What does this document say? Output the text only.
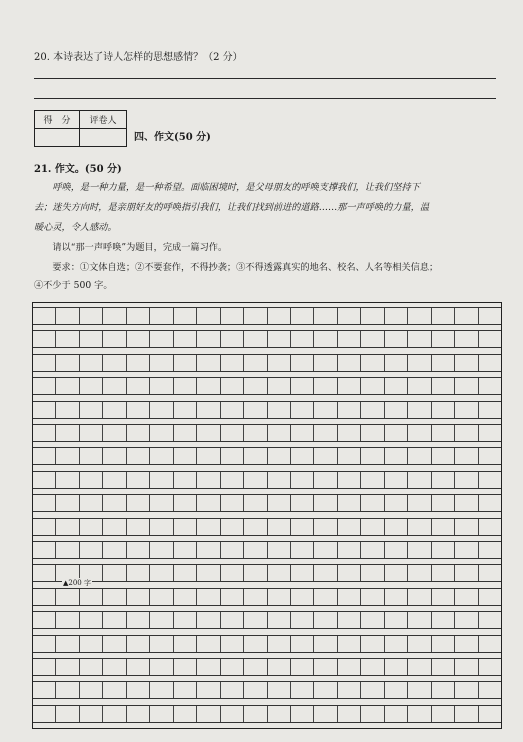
20. 本诗表达了诗人怎样的思想感情？（2 分）
得　分	评卷人

四、作文(50 分)
21. 作文。(50 分)
　　呼唤，是一种力量，是一种希望。面临困境时，是父母朋友的呼唤支撑我们，让我们坚持下
去；迷失方向时，是亲朋好友的呼唤指引我们，让我们找到前进的道路……那一声呼唤的力量，温
暖心灵，令人感动。
　　请以“那一声呼唤”为题目，完成一篇习作。
　　要求：①文体自选；②不要套作，不得抄袭；③不得透露真实的地名、校名、人名等相关信息；
④不少于 500 字。
▲200 字
